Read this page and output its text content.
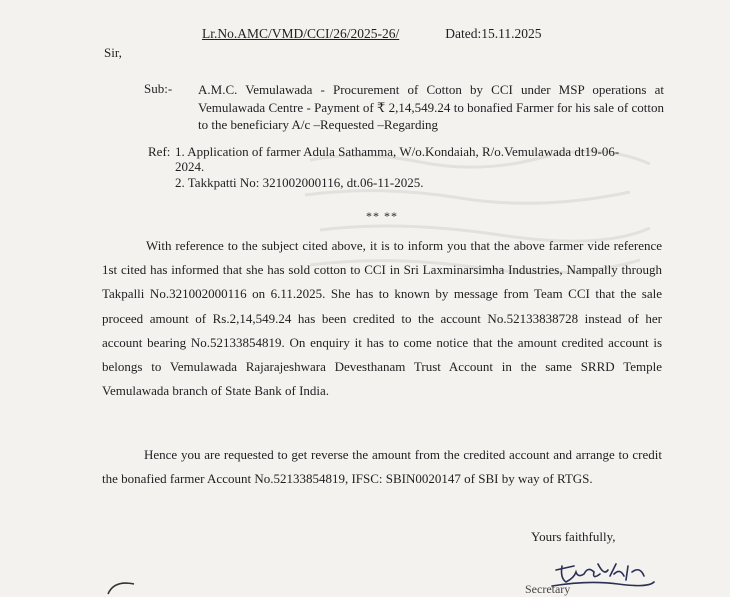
Lr.No.AMC/VMD/CCI/26/2025-26/	Dated:15.11.2025
Sir,
Sub:- A.M.C. Vemulawada - Procurement of Cotton by CCI under MSP operations at Vemulawada Centre - Payment of ₹ 2,14,549.24 to bonafied Farmer for his sale of cotton to the beneficiary A/c –Requested –Regarding
Ref: 1. Application of farmer Adula Sathamma, W/o.Kondaiah, R/o.Vemulawada dt19-06-2024.

2. Takkpatti No: 321002000116, dt.06-11-2025.

** **
With reference to the subject cited above, it is to inform you that the above farmer vide reference 1st cited has informed that she has sold cotton to CCI in Sri Laxminarsimha Industries, Nampally through Takpalli No.321002000116 on 6.11.2025. She has to known by message from Team CCI that the sale proceed amount of Rs.2,14,549.24 has been credited to the account No.52133838728 instead of her account bearing No.52133854819. On enquiry it has to come notice that the amount credited account is belongs to Vemulawada Rajarajeshwara Devesthanam Trust Account in the same SRRD Temple Vemulawada branch of State Bank of India.
Hence you are requested to get reverse the amount from the credited account and arrange to credit the bonafied farmer Account No.52133854819, IFSC: SBIN0020147 of SBI by way of RTGS.
Yours faithfully,
Secretary
